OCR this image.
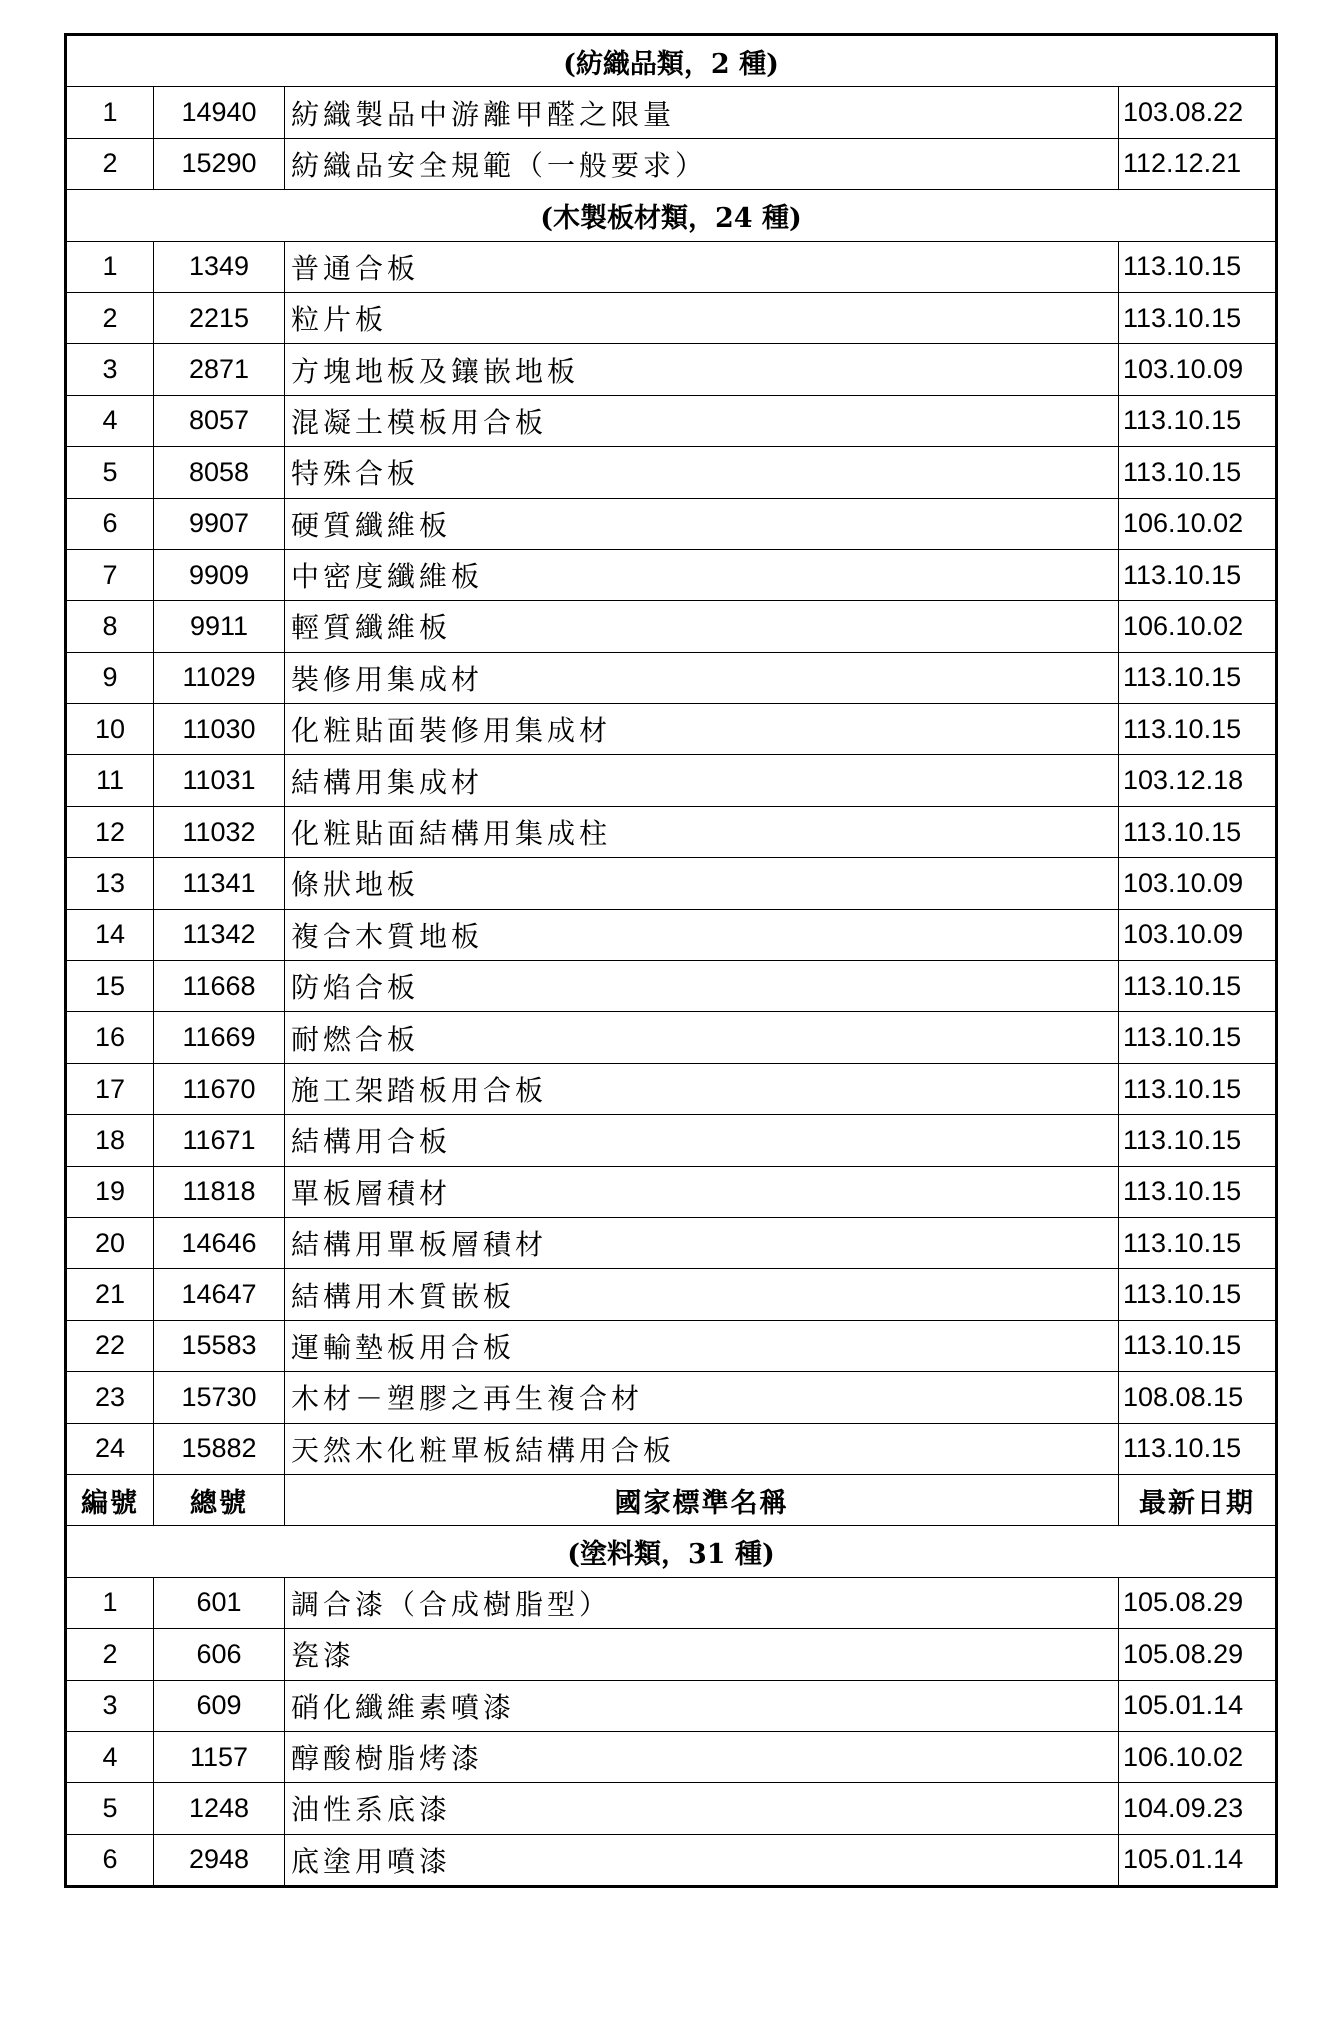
(紡織品類，2 種)			
1	14940	紡織製品中游離甲醛之限量	103.08.22
2	15290	紡織品安全規範（一般要求）	112.12.21
(木製板材類，24 種)			
1	1349	普通合板	113.10.15
2	2215	粒片板	113.10.15
3	2871	方塊地板及鑲嵌地板	103.10.09
4	8057	混凝土模板用合板	113.10.15
5	8058	特殊合板	113.10.15
6	9907	硬質纖維板	106.10.02
7	9909	中密度纖維板	113.10.15
8	9911	輕質纖維板	106.10.02
9	11029	裝修用集成材	113.10.15
10	11030	化粧貼面裝修用集成材	113.10.15
11	11031	結構用集成材	103.12.18
12	11032	化粧貼面結構用集成柱	113.10.15
13	11341	條狀地板	103.10.09
14	11342	複合木質地板	103.10.09
15	11668	防焰合板	113.10.15
16	11669	耐燃合板	113.10.15
17	11670	施工架踏板用合板	113.10.15
18	11671	結構用合板	113.10.15
19	11818	單板層積材	113.10.15
20	14646	結構用單板層積材	113.10.15
21	14647	結構用木質嵌板	113.10.15
22	15583	運輸墊板用合板	113.10.15
23	15730	木材－塑膠之再生複合材	108.08.15
24	15882	天然木化粧單板結構用合板	113.10.15
編號	總號	國家標準名稱	最新日期
(塗料類，31 種)			
1	601	調合漆（合成樹脂型）	105.08.29
2	606	瓷漆	105.08.29
3	609	硝化纖維素噴漆	105.01.14
4	1157	醇酸樹脂烤漆	106.10.02
5	1248	油性系底漆	104.09.23
6	2948	底塗用噴漆	105.01.14
